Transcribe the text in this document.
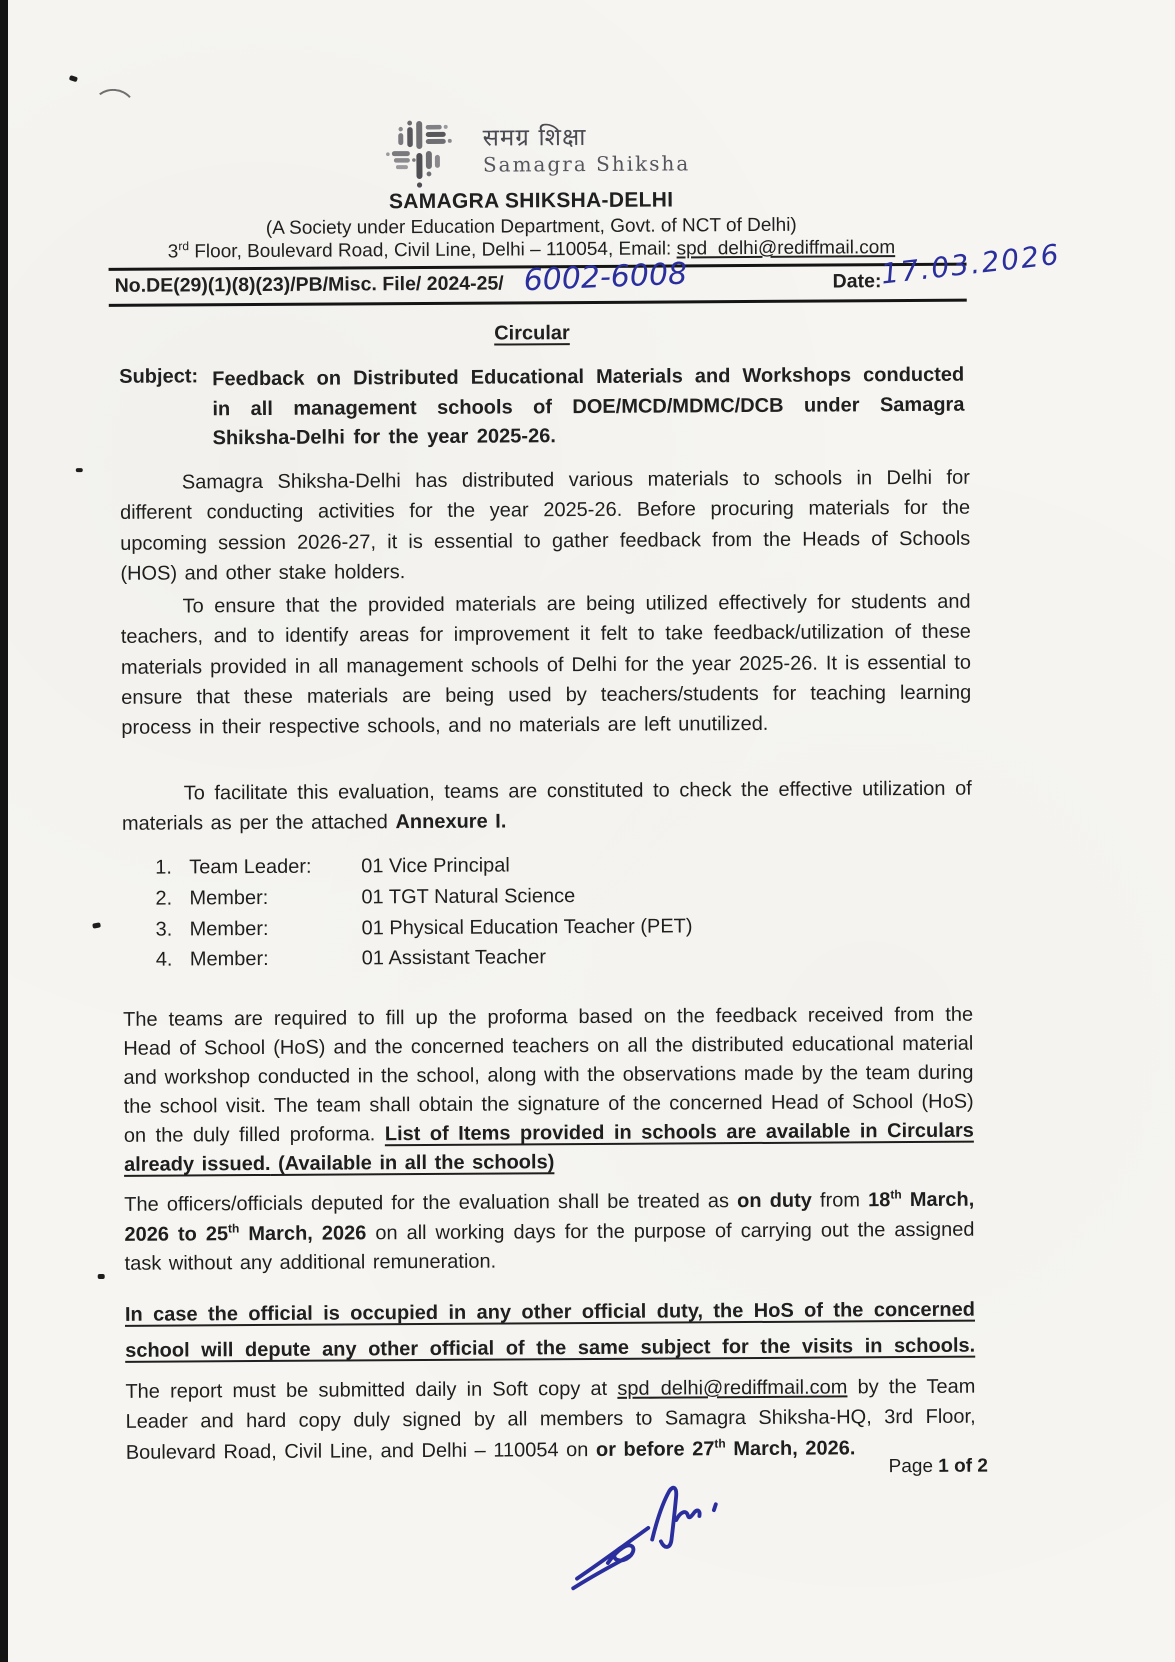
समग्र शिक्षा
Samagra Shiksha
SAMAGRA SHIKSHA-DELHI
(A Society under Education Department, Govt. of NCT of Delhi)
3rd Floor, Boulevard Road, Civil Line, Delhi – 110054, Email: spd_delhi@rediffmail.com
No.DE(29)(1)(8)(23)/PB/Misc. File/ 2024-25/ 6002-6008	Date:
17.03.2026
Circular
Subject: Feedback on Distributed Educational Materials and Workshops conducted in all management schools of DOE/MCD/MDMC/DCB under Samagra Shiksha-Delhi for the year 2025-26.
Samagra Shiksha-Delhi has distributed various materials to schools in Delhi for different conducting activities for the year 2025-26. Before procuring materials for the upcoming session 2026-27, it is essential to gather feedback from the Heads of Schools (HOS) and other stake holders.
To ensure that the provided materials are being utilized effectively for students and teachers, and to identify areas for improvement it felt to take feedback/utilization of these materials provided in all management schools of Delhi for the year 2025-26. It is essential to ensure that these materials are being used by teachers/students for teaching learning process in their respective schools, and no materials are left unutilized.
To facilitate this evaluation, teams are constituted to check the effective utilization of materials as per the attached Annexure I.
1. Team Leader:	01 Vice Principal
2. Member:	01 TGT Natural Science
3. Member:	01 Physical Education Teacher (PET)
4. Member:	01 Assistant Teacher
The teams are required to fill up the proforma based on the feedback received from the Head of School (HoS) and the concerned teachers on all the distributed educational material and workshop conducted in the school, along with the observations made by the team during the school visit. The team shall obtain the signature of the concerned Head of School (HoS) on the duly filled proforma. List of Items provided in schools are available in Circulars already issued. (Available in all the schools)
The officers/officials deputed for the evaluation shall be treated as on duty from 18th March, 2026 to 25th March, 2026 on all working days for the purpose of carrying out the assigned task without any additional remuneration.
In case the official is occupied in any other official duty, the HoS of the concerned school will depute any other official of the same subject for the visits in schools.
The report must be submitted daily in Soft copy at spd_delhi@rediffmail.com by the Team Leader and hard copy duly signed by all members to Samagra Shiksha-HQ, 3rd Floor, Boulevard Road, Civil Line, and Delhi – 110054 on or before 27th March, 2026.
Page 1 of 2
